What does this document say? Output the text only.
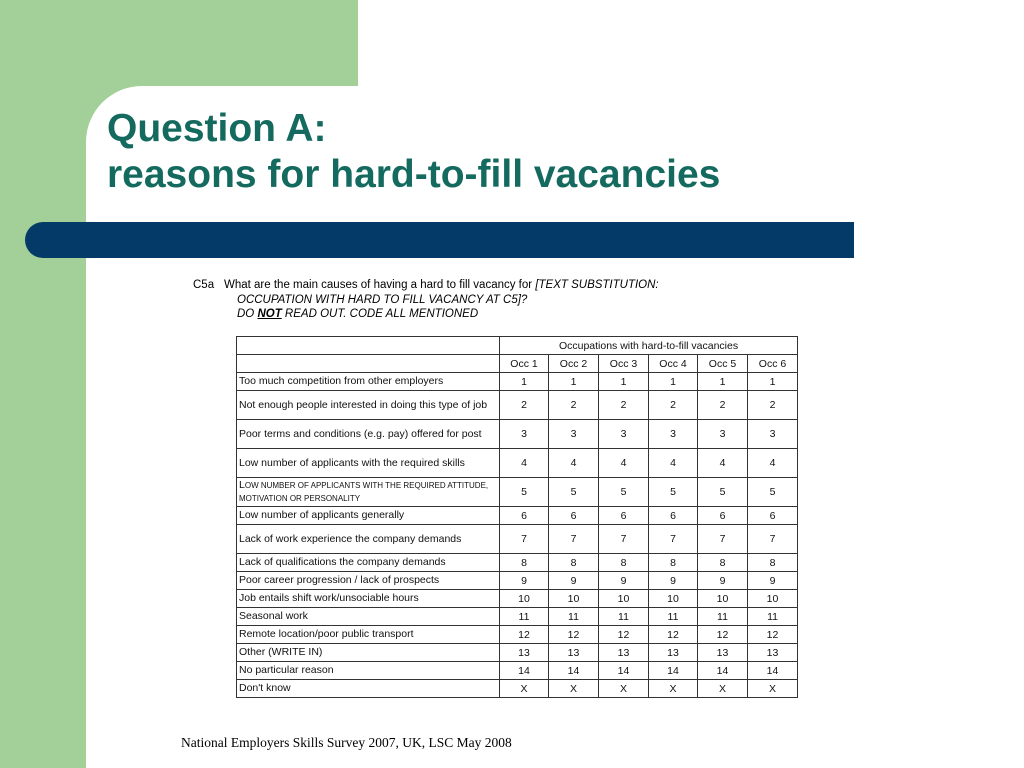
Question A:
reasons for hard-to-fill vacancies
C5a What are the main causes of having a hard to fill vacancy for [TEXT SUBSTITUTION:
OCCUPATION WITH HARD TO FILL VACANCY AT C5]?
DO NOT READ OUT. CODE ALL MENTIONED
	Occupations with hard-to-fill vacancies					
	Occ 1	Occ 2	Occ 3	Occ 4	Occ 5	Occ 6
Too much competition from other employers	1	1	1	1	1	1
Not enough people interested in doing this type of job	2	2	2	2	2	2
Poor terms and conditions (e.g. pay) offered for post	3	3	3	3	3	3
Low number of applicants with the required skills	4	4	4	4	4	4
LOW NUMBER OF APPLICANTS WITH THE REQUIRED ATTITUDE, MOTIVATION OR PERSONALITY	5	5	5	5	5	5
Low number of applicants generally	6	6	6	6	6	6
Lack of work experience the company demands	7	7	7	7	7	7
Lack of qualifications the company demands	8	8	8	8	8	8
Poor career progression / lack of prospects	9	9	9	9	9	9
Job entails shift work/unsociable hours	10	10	10	10	10	10
Seasonal work	11	11	11	11	11	11
Remote location/poor public transport	12	12	12	12	12	12
Other (WRITE IN)	13	13	13	13	13	13
No particular reason	14	14	14	14	14	14
Don't know	X	X	X	X	X	X
National Employers Skills Survey 2007, UK, LSC May 2008
